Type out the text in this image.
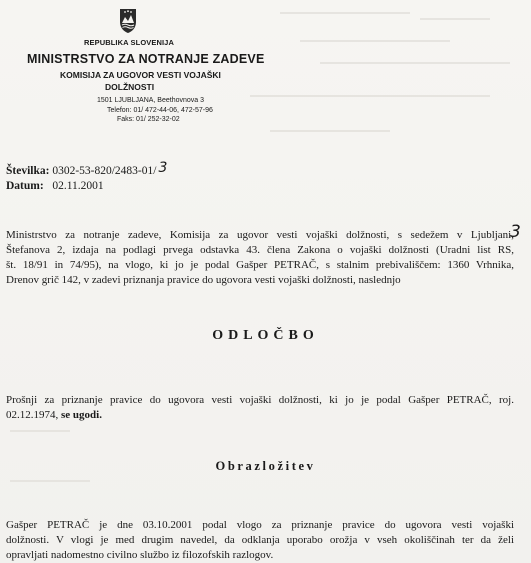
REPUBLIKA SLOVENIJA
MINISTRSTVO ZA NOTRANJE ZADEVE
KOMISIJA ZA UGOVOR VESTI VOJAŠKI
DOLŽNOSTI
1501 LJUBLJANA, Beethovnova 3
Telefon: 01/ 472-44-06, 472-57-96
Faks: 01/ 252-32-02
Številka: 0302-53-820/2483-01/ 3
Datum: 02.11.2001
3
Ministrstvo za notranje zadeve, Komisija za ugovor vesti vojaški dolžnosti, s sedežem v Ljubljani,
Štefanova 2, izdaja na podlagi prvega odstavka 43. člena Zakona o vojaški dolžnosti (Uradni list RS,
št. 18/91 in 74/95), na vlogo, ki jo je podal Gašper PETRAČ, s stalnim prebivališčem: 1360 Vrhnika,
Drenov grič 142, v zadevi priznanja pravice do ugovora vesti vojaški dolžnosti, naslednjo
ODLOČBO
Prošnji za priznanje pravice do ugovora vesti vojaški dolžnosti, ki jo je podal Gašper PETRAČ, roj.
02.12.1974, se ugodi.
Obrazložitev
Gašper PETRAČ je dne 03.10.2001 podal vlogo za priznanje pravice do ugovora vesti vojaški
dolžnosti. V vlogi je med drugim navedel, da odklanja uporabo orožja v vseh okoliščinah ter da želi
opravljati nadomestno civilno službo iz filozofskih razlogov.
